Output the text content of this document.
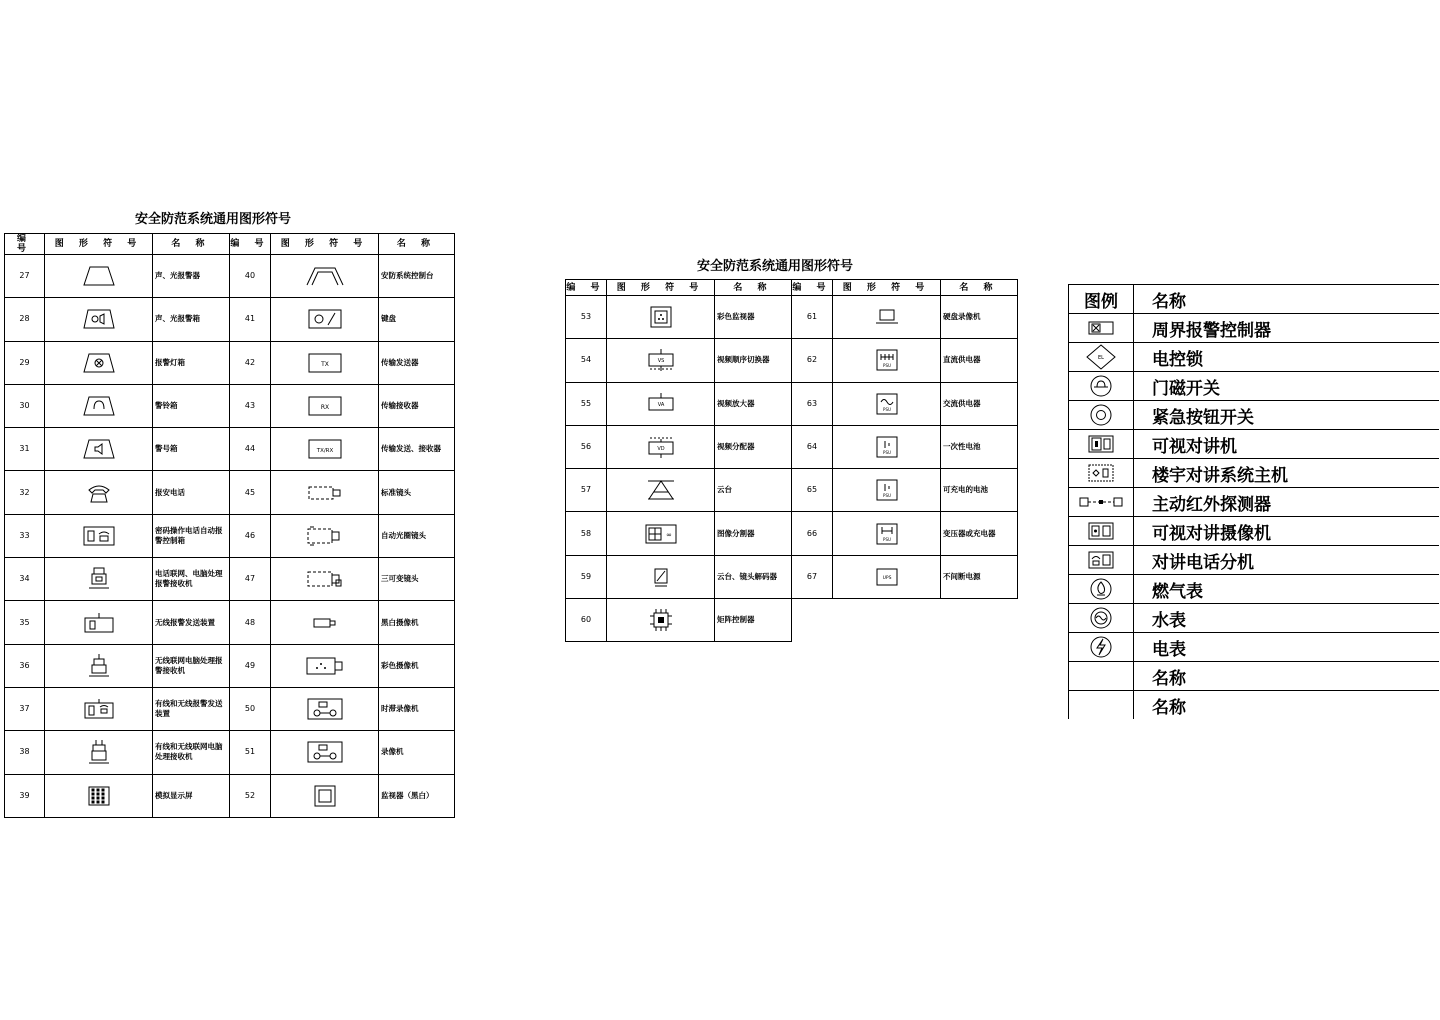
安全防范系统通用图形符号
编 号	图 形 符 号	名 称	编 号	图 形 符 号	名 称
27		声、光报警器	40		安防系统控制台
28		声、光报警箱	41		键盘
29		报警灯箱	42	TX	传输发送器
30		警铃箱	43	RX	传输接收器
31		警号箱	44	TX/RX	传输发送、接收器
32		报安电话	45		标准镜头
33		密码操作电话自动报警控制箱	46		自动光圈镜头
34		电话联网、电脑处理报警接收机	47		三可变镜头
35		无线报警发送装置	48		黑白摄像机
36		无线联网电脑处理报警接收机	49		彩色摄像机
37		有线和无线报警发送装置	50		时滞录像机
38		有线和无线联网电脑处理接收机	51		录像机
39		模拟显示屏	52		监视器（黑白）
安全防范系统通用图形符号
编 号	图 形 符 号	名 称	编 号	图 形 符 号	名 称
53		彩色监视器	61		硬盘录像机
54	VS	视频顺序切换器	62	PSU	直流供电器
55	VA	视频放大器	63	PSU	交流供电器
56	VD	视频分配器	64	PSU	一次性电池
57		云台	65	PSU	可充电的电池
58	∞	图像分割器	66	PSU	变压器或充电器
59		云台、镜头解码器	67	UPS	不间断电源
60		矩阵控制器			
图例	名称

	周界报警控制器

EL	电控锁

	门磁开关

	紧急按钮开关

	可视对讲机

	楼宇对讲系统主机

	主动红外探测器

	可视对讲摄像机

	对讲电话分机

	燃气表

	水表

	电表
	名称
	名称
